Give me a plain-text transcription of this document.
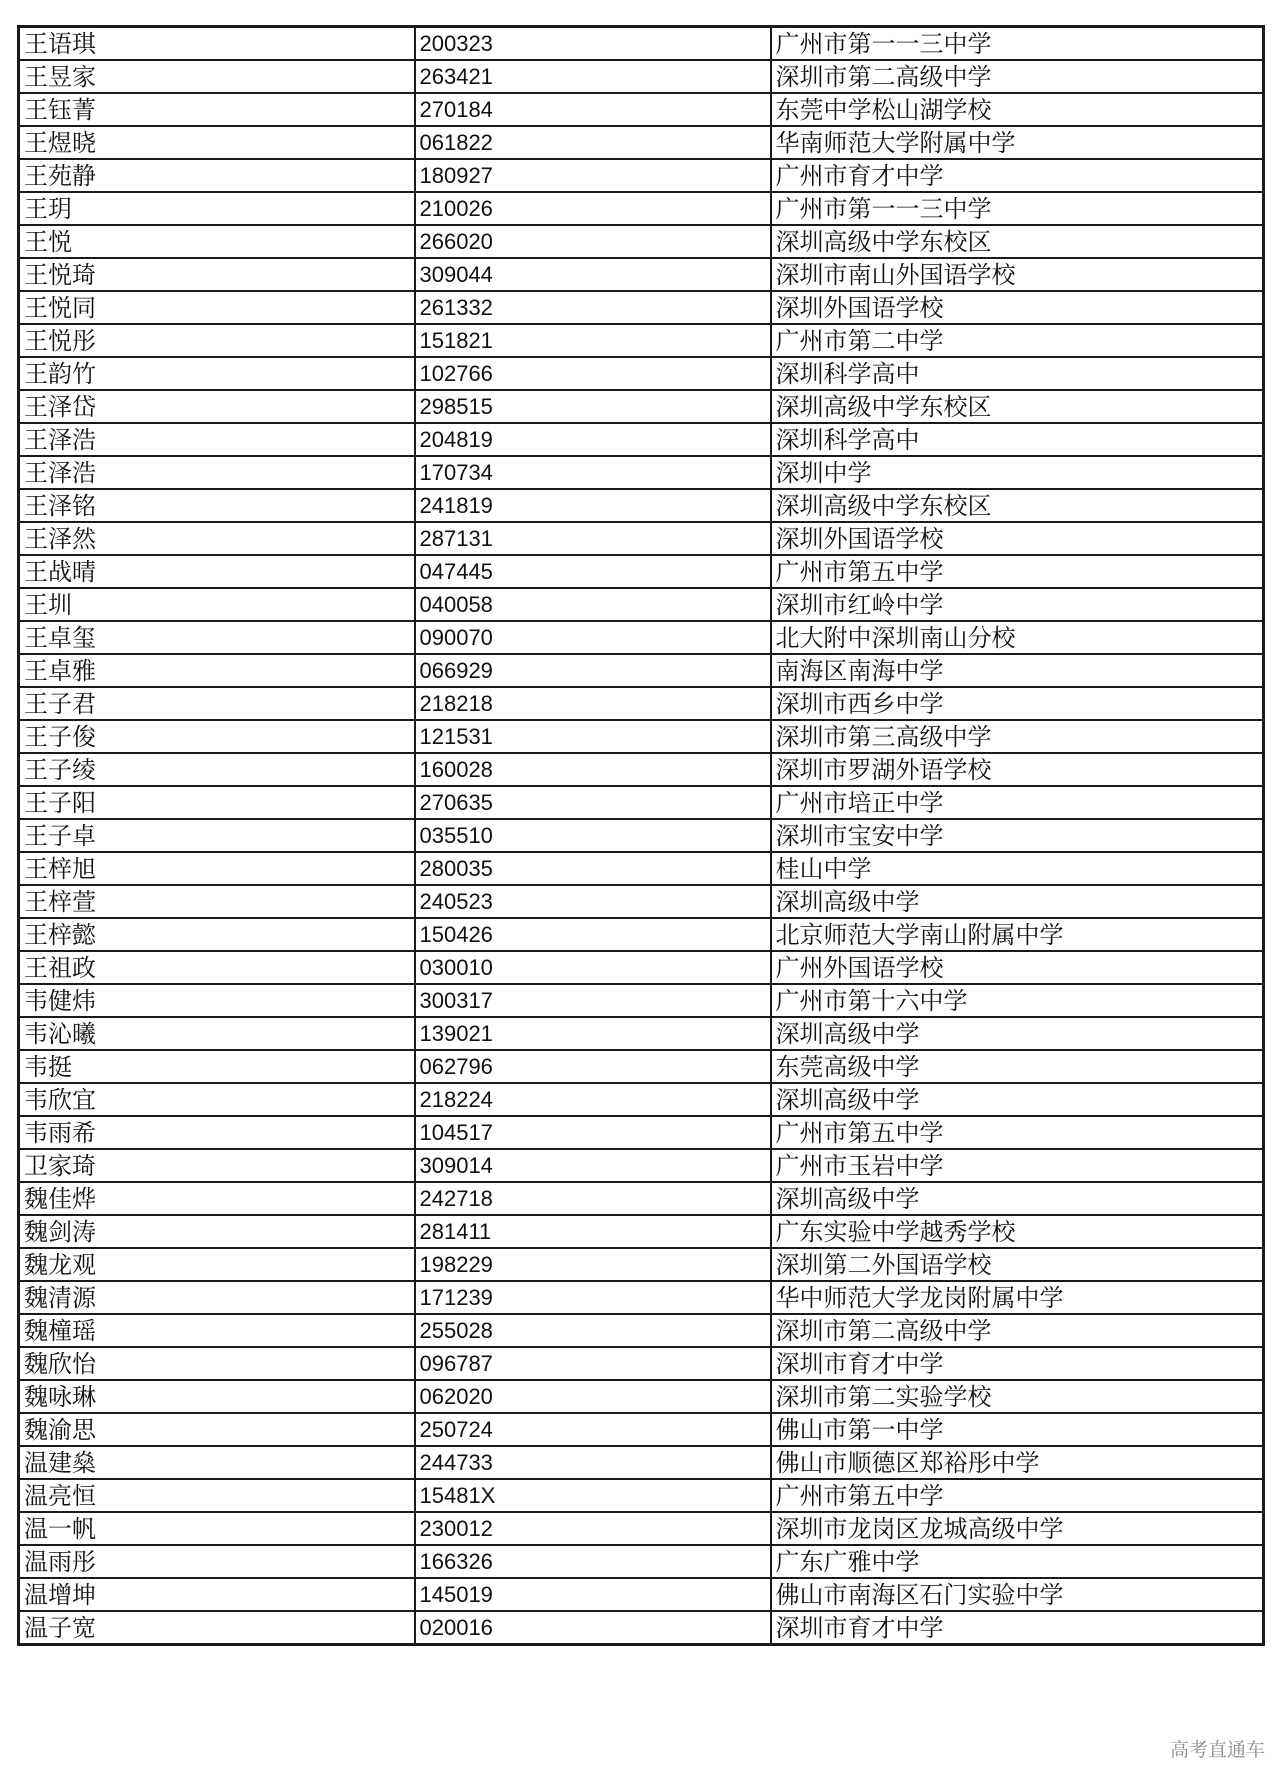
王语琪	200323	广州市第一一三中学
王昱家	263421	深圳市第二高级中学
王钰菁	270184	东莞中学松山湖学校
王煜晓	061822	华南师范大学附属中学
王苑静	180927	广州市育才中学
王玥	210026	广州市第一一三中学
王悦	266020	深圳高级中学东校区
王悦琦	309044	深圳市南山外国语学校
王悦同	261332	深圳外国语学校
王悦彤	151821	广州市第二中学
王韵竹	102766	深圳科学高中
王泽岱	298515	深圳高级中学东校区
王泽浩	204819	深圳科学高中
王泽浩	170734	深圳中学
王泽铭	241819	深圳高级中学东校区
王泽然	287131	深圳外国语学校
王战晴	047445	广州市第五中学
王圳	040058	深圳市红岭中学
王卓玺	090070	北大附中深圳南山分校
王卓雅	066929	南海区南海中学
王子君	218218	深圳市西乡中学
王子俊	121531	深圳市第三高级中学
王子绫	160028	深圳市罗湖外语学校
王子阳	270635	广州市培正中学
王子卓	035510	深圳市宝安中学
王梓旭	280035	桂山中学
王梓萱	240523	深圳高级中学
王梓懿	150426	北京师范大学南山附属中学
王祖政	030010	广州外国语学校
韦健炜	300317	广州市第十六中学
韦沁曦	139021	深圳高级中学
韦挺	062796	东莞高级中学
韦欣宜	218224	深圳高级中学
韦雨希	104517	广州市第五中学
卫家琦	309014	广州市玉岩中学
魏佳烨	242718	深圳高级中学
魏剑涛	281411	广东实验中学越秀学校
魏龙观	198229	深圳第二外国语学校
魏清源	171239	华中师范大学龙岗附属中学
魏橦瑶	255028	深圳市第二高级中学
魏欣怡	096787	深圳市育才中学
魏咏琳	062020	深圳市第二实验学校
魏渝思	250724	佛山市第一中学
温建燊	244733	佛山市顺德区郑裕彤中学
温亮恒	15481X	广州市第五中学
温一帆	230012	深圳市龙岗区龙城高级中学
温雨彤	166326	广东广雅中学
温增坤	145019	佛山市南海区石门实验中学
温子宽	020016	深圳市育才中学
高考直通车
